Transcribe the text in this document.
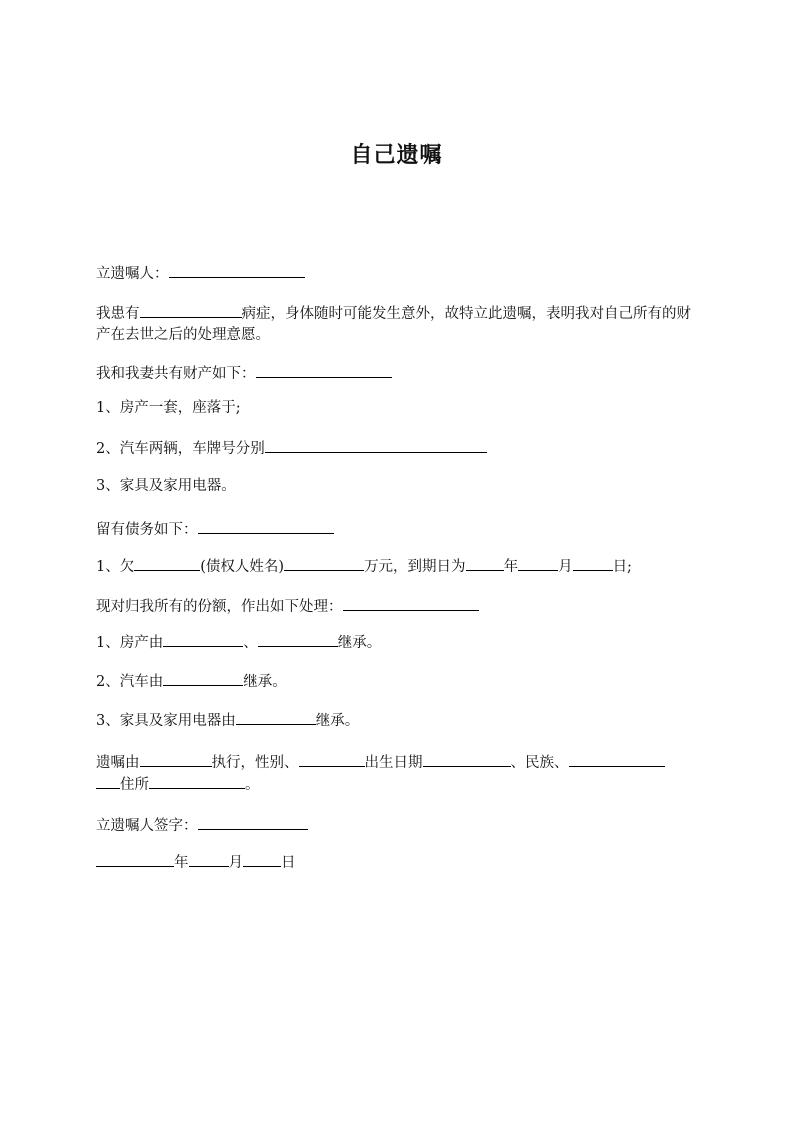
自己遗嘱
立遗嘱人：
我患有	病症，身体随时可能发生意外，故特立此遗嘱，表明我对自己所有的财产在去世之后的处理意愿。
我和我妻共有财产如下：
1、房产一套，座落于;
2、汽车两辆，车牌号分别
3、家具及家用电器。
留有债务如下：
1、欠	(债权人姓名)	万元，到期日为	年	月	日;
现对归我所有的份额，作出如下处理：
1、房产由	、	继承。
2、汽车由	继承。
3、家具及家用电器由	继承。
遗嘱由	执行，性别、	出生日期	、民族、
住所	。
立遗嘱人签字：
年	月	日
